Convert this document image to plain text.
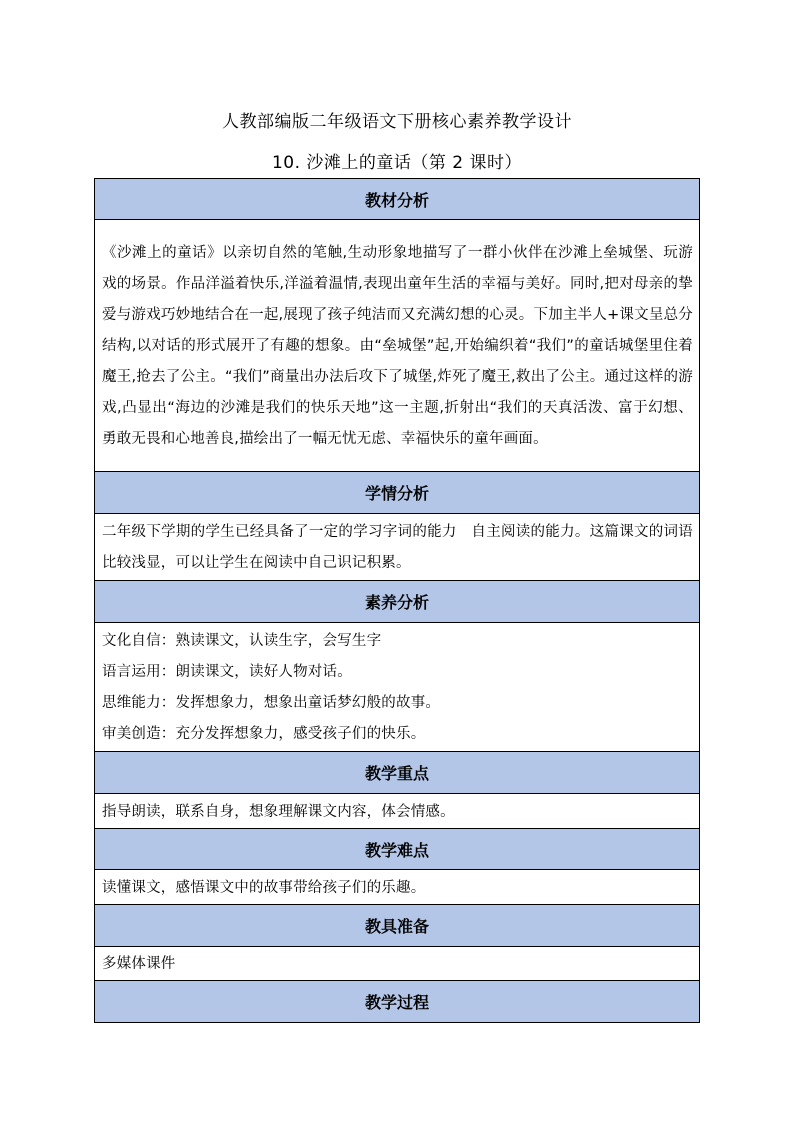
人教部编版二年级语文下册核心素养教学设计
10. 沙滩上的童话（第 2 课时）
教材分析

《沙滩上的童话》以亲切自然的笔触,生动形象地描写了一群小伙伴在沙滩上垒城堡、玩游戏的场景。作品洋溢着快乐,洋溢着温情,表现出童年生活的幸福与美好。同时,把对母亲的挚爱与游戏巧妙地结合在一起,展现了孩子纯洁而又充满幻想的心灵。下加主半人+课文呈总分结构,以对话的形式展开了有趣的想象。由“垒城堡”起,开始编织着“我们”的童话城堡里住着魔王,抢去了公主。“我们”商量出办法后攻下了城堡,炸死了魔王,救出了公主。通过这样的游戏,凸显出“海边的沙滩是我们的快乐天地”这一主题,折射出“我们的天真活泼、富于幻想、勇敢无畏和心地善良,描绘出了一幅无忧无虑、幸福快乐的童年画面。

学情分析

二年级下学期的学生已经具备了一定的学习字词的能力　自主阅读的能力。这篇课文的词语比较浅显，可以让学生在阅读中自己识记积累。

素养分析

文化自信：熟读课文，认读生字，会写生字
语言运用：朗读课文，读好人物对话。
思维能力：发挥想象力，想象出童话梦幻般的故事。
审美创造：充分发挥想象力，感受孩子们的快乐。

教学重点

指导朗读，联系自身，想象理解课文内容，体会情感。

教学难点

读懂课文，感悟课文中的故事带给孩子们的乐趣。

教具准备

多媒体课件

教学过程
